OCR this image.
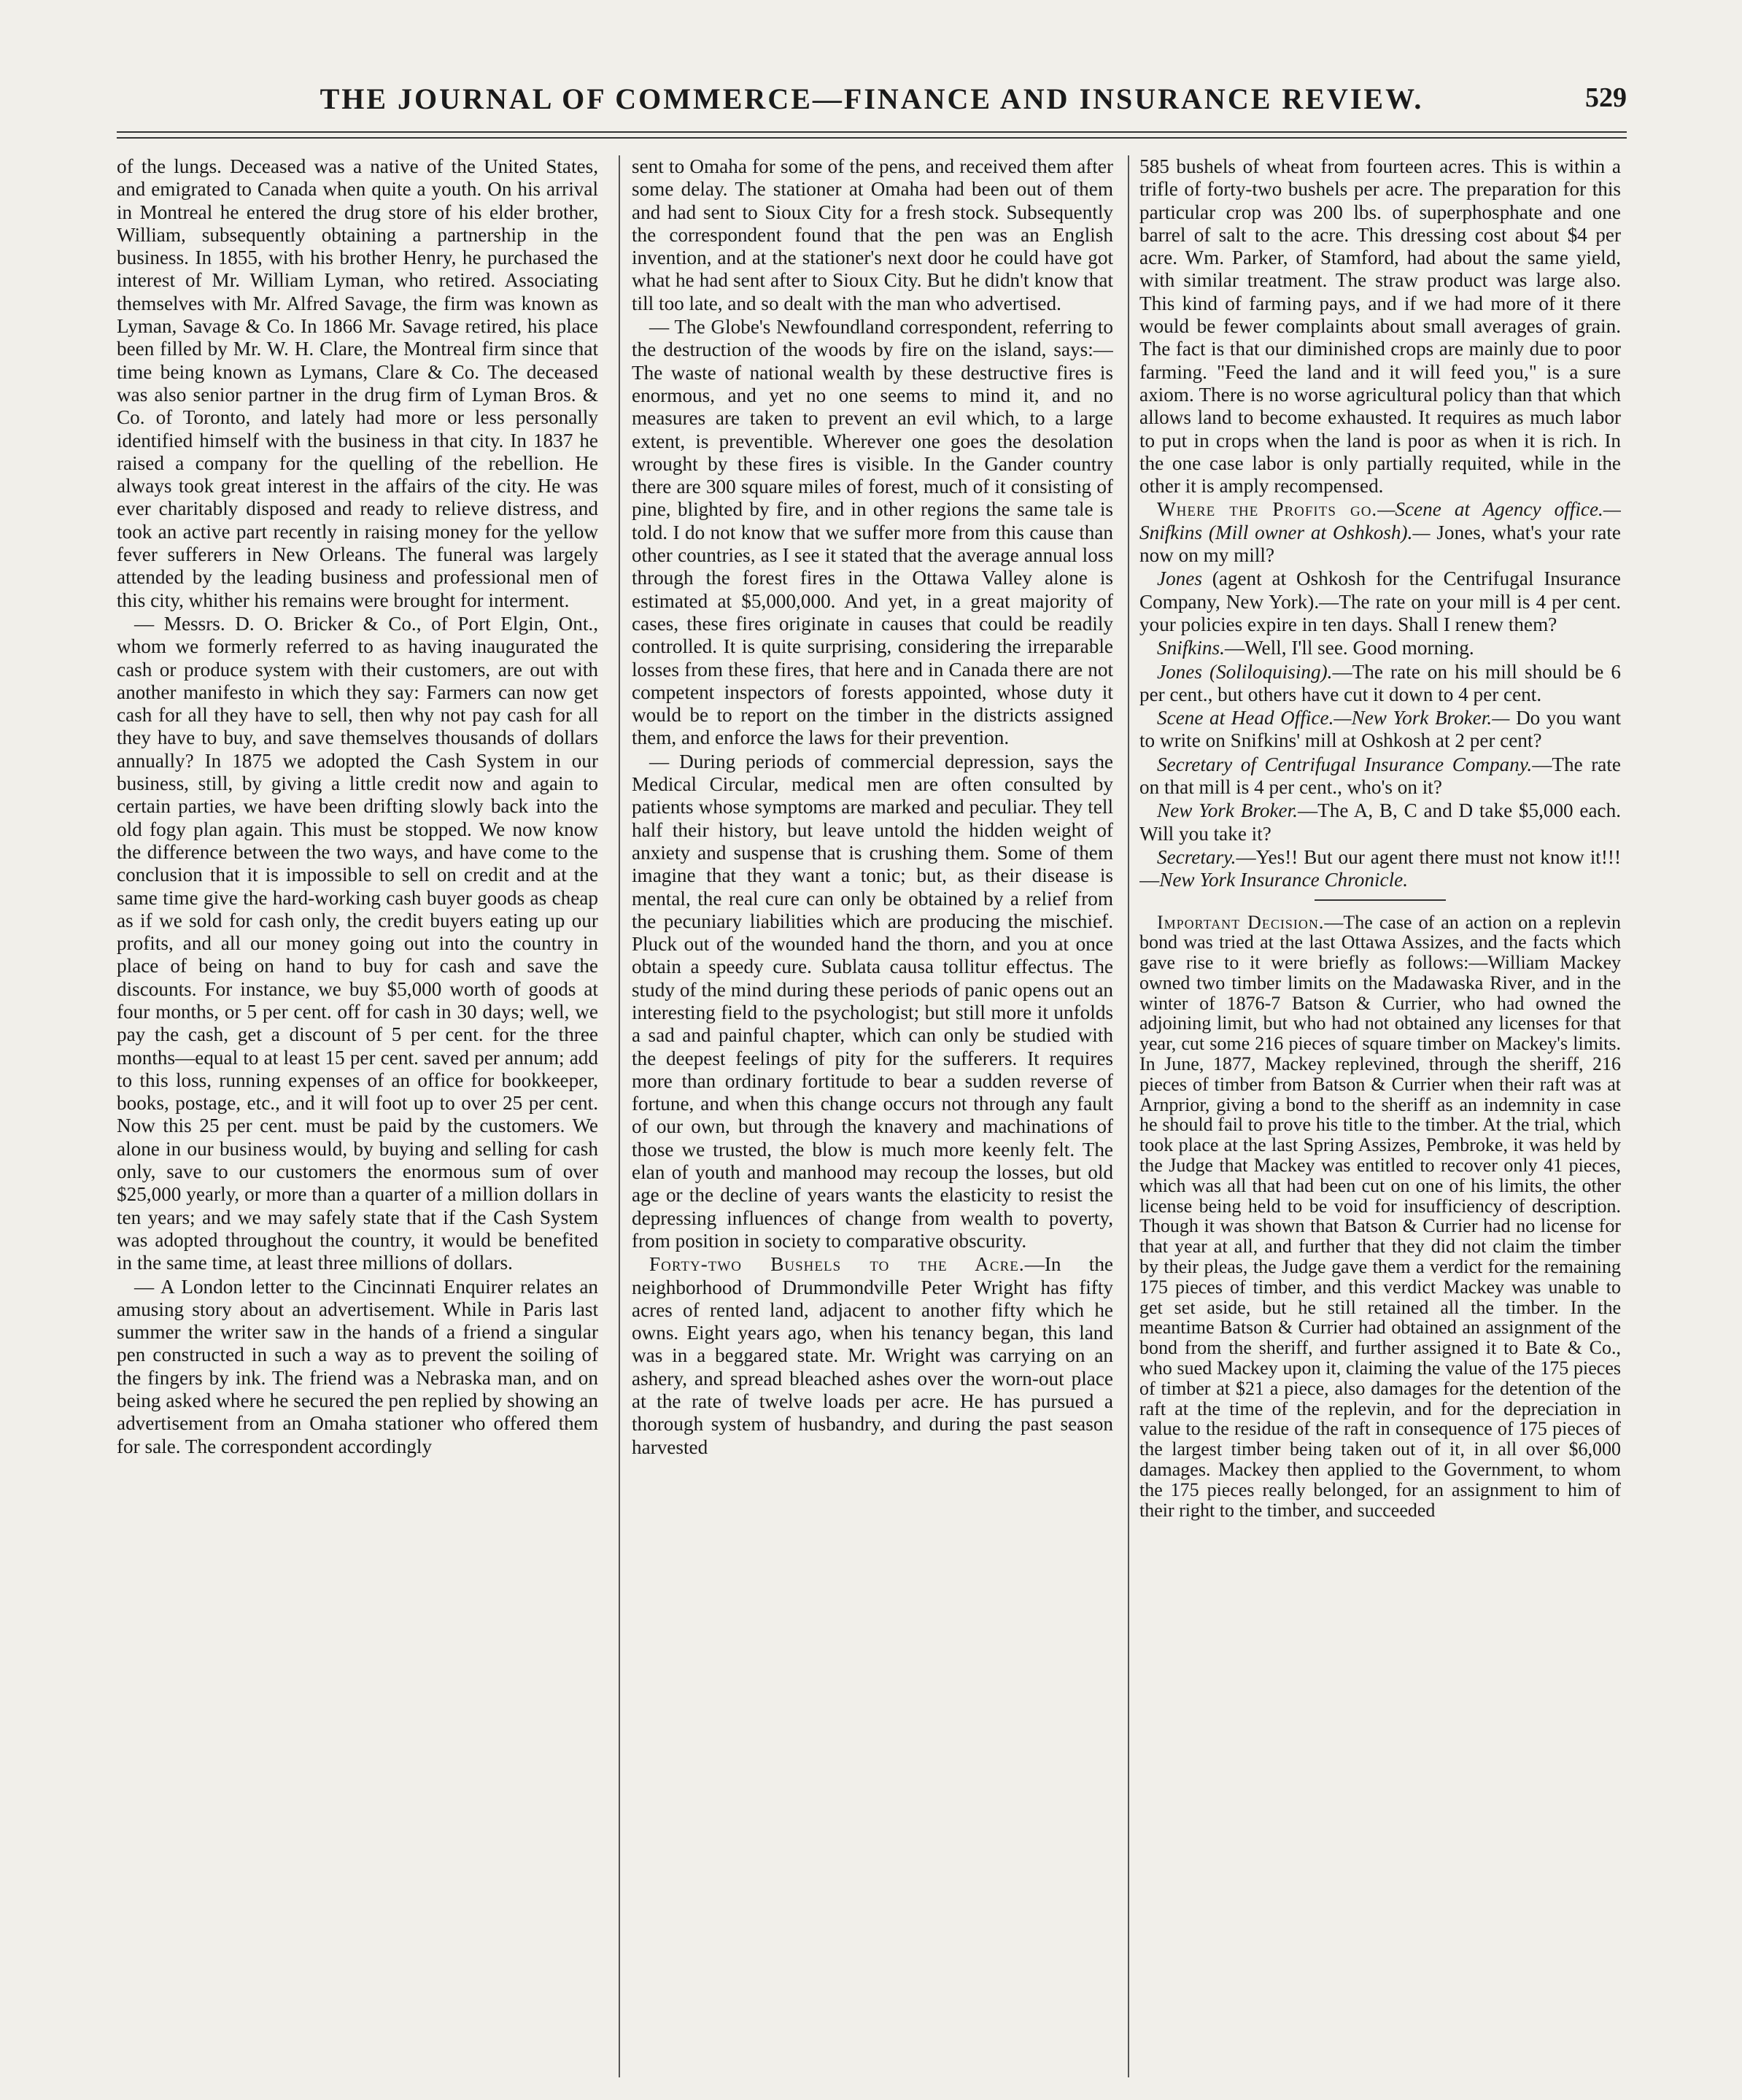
THE JOURNAL OF COMMERCE—FINANCE AND INSURANCE REVIEW.	529

of the lungs. Deceased was a native of the United States, and emigrated to Canada when quite a youth. On his arrival in Montreal he entered the drug store of his elder brother, William, subsequently obtaining a partnership in the business. In 1855, with his brother Henry, he purchased the interest of Mr. William Lyman, who retired. Associating themselves with Mr. Alfred Savage, the firm was known as Lyman, Savage & Co. In 1866 Mr. Savage retired, his place been filled by Mr. W. H. Clare, the Montreal firm since that time being known as Lymans, Clare & Co. The deceased was also senior partner in the drug firm of Lyman Bros. & Co. of Toronto, and lately had more or less personally identified himself with the business in that city. In 1837 he raised a company for the quelling of the rebellion. He always took great interest in the affairs of the city. He was ever charitably disposed and ready to relieve distress, and took an active part recently in raising money for the yellow fever sufferers in New Orleans. The funeral was largely attended by the leading business and professional men of this city, whither his remains were brought for interment.

— Messrs. D. O. Bricker & Co., of Port Elgin, Ont., whom we formerly referred to as having inaugurated the cash or produce system with their customers, are out with another manifesto in which they say: Farmers can now get cash for all they have to sell, then why not pay cash for all they have to buy, and save themselves thousands of dollars annually? In 1875 we adopted the Cash System in our business, still, by giving a little credit now and again to certain parties, we have been drifting slowly back into the old fogy plan again. This must be stopped. We now know the difference between the two ways, and have come to the conclusion that it is impossible to sell on credit and at the same time give the hard-working cash buyer goods as cheap as if we sold for cash only, the credit buyers eating up our profits, and all our money going out into the country in place of being on hand to buy for cash and save the discounts. For instance, we buy $5,000 worth of goods at four months, or 5 per cent. off for cash in 30 days; well, we pay the cash, get a discount of 5 per cent. for the three months—equal to at least 15 per cent. saved per annum; add to this loss, running expenses of an office for bookkeeper, books, postage, etc., and it will foot up to over 25 per cent. Now this 25 per cent. must be paid by the customers. We alone in our business would, by buying and selling for cash only, save to our customers the enormous sum of over $25,000 yearly, or more than a quarter of a million dollars in ten years; and we may safely state that if the Cash System was adopted throughout the country, it would be benefited in the same time, at least three millions of dollars.

— A London letter to the Cincinnati Enquirer relates an amusing story about an advertisement. While in Paris last summer the writer saw in the hands of a friend a singular pen constructed in such a way as to prevent the soiling of the fingers by ink. The friend was a Nebraska man, and on being asked where he secured the pen replied by showing an advertisement from an Omaha stationer who offered them for sale. The correspondent accordingly

sent to Omaha for some of the pens, and received them after some delay. The stationer at Omaha had been out of them and had sent to Sioux City for a fresh stock. Subsequently the correspondent found that the pen was an English invention, and at the stationer's next door he could have got what he had sent after to Sioux City. But he didn't know that till too late, and so dealt with the man who advertised.

— The Globe's Newfoundland correspondent, referring to the destruction of the woods by fire on the island, says:—The waste of national wealth by these destructive fires is enormous, and yet no one seems to mind it, and no measures are taken to prevent an evil which, to a large extent, is preventible. Wherever one goes the desolation wrought by these fires is visible. In the Gander country there are 300 square miles of forest, much of it consisting of pine, blighted by fire, and in other regions the same tale is told. I do not know that we suffer more from this cause than other countries, as I see it stated that the average annual loss through the forest fires in the Ottawa Valley alone is estimated at $5,000,000. And yet, in a great majority of cases, these fires originate in causes that could be readily controlled. It is quite surprising, considering the irreparable losses from these fires, that here and in Canada there are not competent inspectors of forests appointed, whose duty it would be to report on the timber in the districts assigned them, and enforce the laws for their prevention.

— During periods of commercial depression, says the Medical Circular, medical men are often consulted by patients whose symptoms are marked and peculiar. They tell half their history, but leave untold the hidden weight of anxiety and suspense that is crushing them. Some of them imagine that they want a tonic; but, as their disease is mental, the real cure can only be obtained by a relief from the pecuniary liabilities which are producing the mischief. Pluck out of the wounded hand the thorn, and you at once obtain a speedy cure. Sublata causa tollitur effectus. The study of the mind during these periods of panic opens out an interesting field to the psychologist; but still more it unfolds a sad and painful chapter, which can only be studied with the deepest feelings of pity for the sufferers. It requires more than ordinary fortitude to bear a sudden reverse of fortune, and when this change occurs not through any fault of our own, but through the knavery and machinations of those we trusted, the blow is much more keenly felt. The elan of youth and manhood may recoup the losses, but old age or the decline of years wants the elasticity to resist the depressing influences of change from wealth to poverty, from position in society to comparative obscurity.

Forty-two Bushels to the Acre.—In the neighborhood of Drummondville Peter Wright has fifty acres of rented land, adjacent to another fifty which he owns. Eight years ago, when his tenancy began, this land was in a beggared state. Mr. Wright was carrying on an ashery, and spread bleached ashes over the worn-out place at the rate of twelve loads per acre. He has pursued a thorough system of husbandry, and during the past season harvested

585 bushels of wheat from fourteen acres. This is within a trifle of forty-two bushels per acre. The preparation for this particular crop was 200 lbs. of superphosphate and one barrel of salt to the acre. This dressing cost about $4 per acre. Wm. Parker, of Stamford, had about the same yield, with similar treatment. The straw product was large also. This kind of farming pays, and if we had more of it there would be fewer complaints about small averages of grain. The fact is that our diminished crops are mainly due to poor farming. "Feed the land and it will feed you," is a sure axiom. There is no worse agricultural policy than that which allows land to become exhausted. It requires as much labor to put in crops when the land is poor as when it is rich. In the one case labor is only partially requited, while in the other it is amply recompensed.

Where the Profits go.—Scene at Agency office.—Snifkins (Mill owner at Oshkosh).— Jones, what's your rate now on my mill?

Jones (agent at Oshkosh for the Centrifugal Insurance Company, New York).—The rate on your mill is 4 per cent. your policies expire in ten days. Shall I renew them?

Snifkins.—Well, I'll see. Good morning.

Jones (Soliloquising).—The rate on his mill should be 6 per cent., but others have cut it down to 4 per cent.

Scene at Head Office.—New York Broker.— Do you want to write on Snifkins' mill at Oshkosh at 2 per cent?

Secretary of Centrifugal Insurance Company.—The rate on that mill is 4 per cent., who's on it?

New York Broker.—The A, B, C and D take $5,000 each. Will you take it?

Secretary.—Yes!! But our agent there must not know it!!!—New York Insurance Chronicle.

Important Decision.—The case of an action on a replevin bond was tried at the last Ottawa Assizes, and the facts which gave rise to it were briefly as follows:—William Mackey owned two timber limits on the Madawaska River, and in the winter of 1876-7 Batson & Currier, who had owned the adjoining limit, but who had not obtained any licenses for that year, cut some 216 pieces of square timber on Mackey's limits. In June, 1877, Mackey replevined, through the sheriff, 216 pieces of timber from Batson & Currier when their raft was at Arnprior, giving a bond to the sheriff as an indemnity in case he should fail to prove his title to the timber. At the trial, which took place at the last Spring Assizes, Pembroke, it was held by the Judge that Mackey was entitled to recover only 41 pieces, which was all that had been cut on one of his limits, the other license being held to be void for insufficiency of description. Though it was shown that Batson & Currier had no license for that year at all, and further that they did not claim the timber by their pleas, the Judge gave them a verdict for the remaining 175 pieces of timber, and this verdict Mackey was unable to get set aside, but he still retained all the timber. In the meantime Batson & Currier had obtained an assignment of the bond from the sheriff, and further assigned it to Bate & Co., who sued Mackey upon it, claiming the value of the 175 pieces of timber at $21 a piece, also damages for the detention of the raft at the time of the replevin, and for the depreciation in value to the residue of the raft in consequence of 175 pieces of the largest timber being taken out of it, in all over $6,000 damages. Mackey then applied to the Government, to whom the 175 pieces really belonged, for an assignment to him of their right to the timber, and succeeded
